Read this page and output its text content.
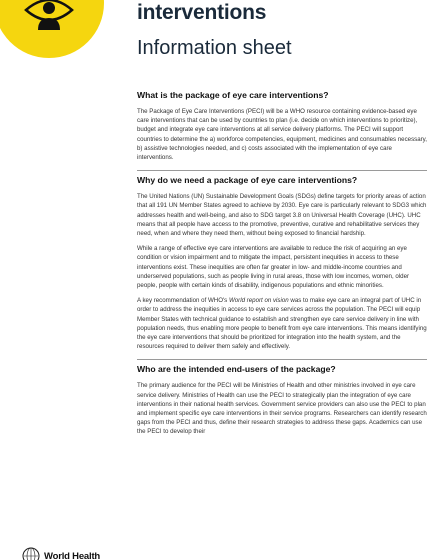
interventions
Information sheet
What is the package of eye care interventions?

The Package of Eye Care Interventions (PECI) will be a WHO resource containing evidence-based eye care interventions that can be used by countries to plan (i.e. decide on which interventions to prioritize), budget and integrate eye care interventions at all service delivery platforms. The PECI will support countries to determine the a) workforce competencies, equipment, medicines and consumables necessary, b) assistive technologies needed, and c) costs associated with the implementation of eye care interventions.

Why do we need a package of eye care interventions?

The United Nations (UN) Sustainable Development Goals (SDGs) define targets for priority areas of action that all 191 UN Member States agreed to achieve by 2030. Eye care is particularly relevant to SDG3 which addresses health and well-being, and also to SDG target 3.8 on Universal Health Coverage (UHC). UHC means that all people have access to the promotive, preventive, curative and rehabilitative services they need, when and where they need them, without being exposed to financial hardship.

While a range of effective eye care interventions are available to reduce the risk of acquiring an eye condition or vision impairment and to mitigate the impact, persistent inequities in access to these interventions exist. These inequities are often far greater in low- and middle-income countries and underserved populations, such as people living in rural areas, those with low incomes, women, older people, people with certain kinds of disability, indigenous populations and ethnic minorities.

A key recommendation of WHO's World report on vision was to make eye care an integral part of UHC in order to address the inequities in access to eye care services across the population. The PECI will equip Member States with technical guidance to establish and strengthen eye care service delivery in line with population needs, thus enabling more people to benefit from eye care interventions. This means identifying the eye care interventions that should be prioritized for integration into the health system, and the resources required to deliver them safely and effectively.

Who are the intended end-users of the package?

The primary audience for the PECI will be Ministries of Health and other ministries involved in eye care service delivery. Ministries of Health can use the PECI to strategically plan the integration of eye care interventions in their national health services. Government service providers can also use the PECI to plan and implement specific eye care interventions in their service programs. Researchers can identify research gaps from the PECI and thus, define their research strategies to address these gaps. Academics can use the PECI to develop their

World Health
